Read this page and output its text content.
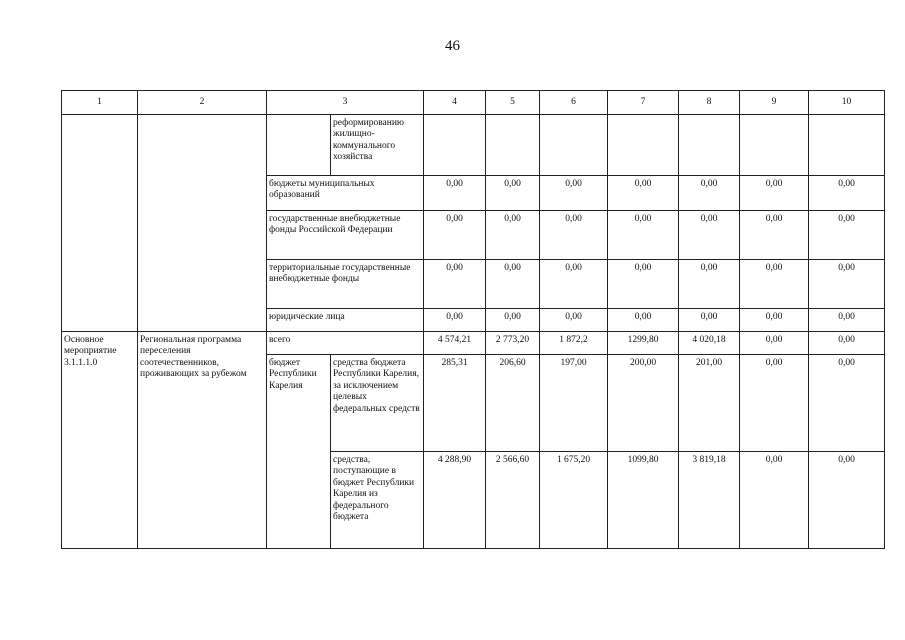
46
1	2	3		4	5	6	7	8	9	10
			реформированию жилищно-коммунального хозяйства							
		бюджеты муниципальных образований		0,00	0,00	0,00	0,00	0,00	0,00	0,00
		государственные внебюджетные фонды Российской Федерации		0,00	0,00	0,00	0,00	0,00	0,00	0,00
		территориальные государственные внебюджетные фонды		0,00	0,00	0,00	0,00	0,00	0,00	0,00
		юридические лица		0,00	0,00	0,00	0,00	0,00	0,00	0,00
Основное мероприятие 3.1.1.1.0	Региональная программа переселения соотечественников, проживающих за рубежом	всего		4 574,21	2 773,20	1 872,2	1299,80	4 020,18	0,00	0,00
		бюджет Республики Карелия	средства бюджета Республики Карелия, за исключением целевых федеральных средств	285,31	206,60	197,00	200,00	201,00	0,00	0,00
			средства, поступающие в бюджет Республики Карелия из федерального бюджета	4 288,90	2 566,60	1 675,20	1099,80	3 819,18	0,00	0,00
